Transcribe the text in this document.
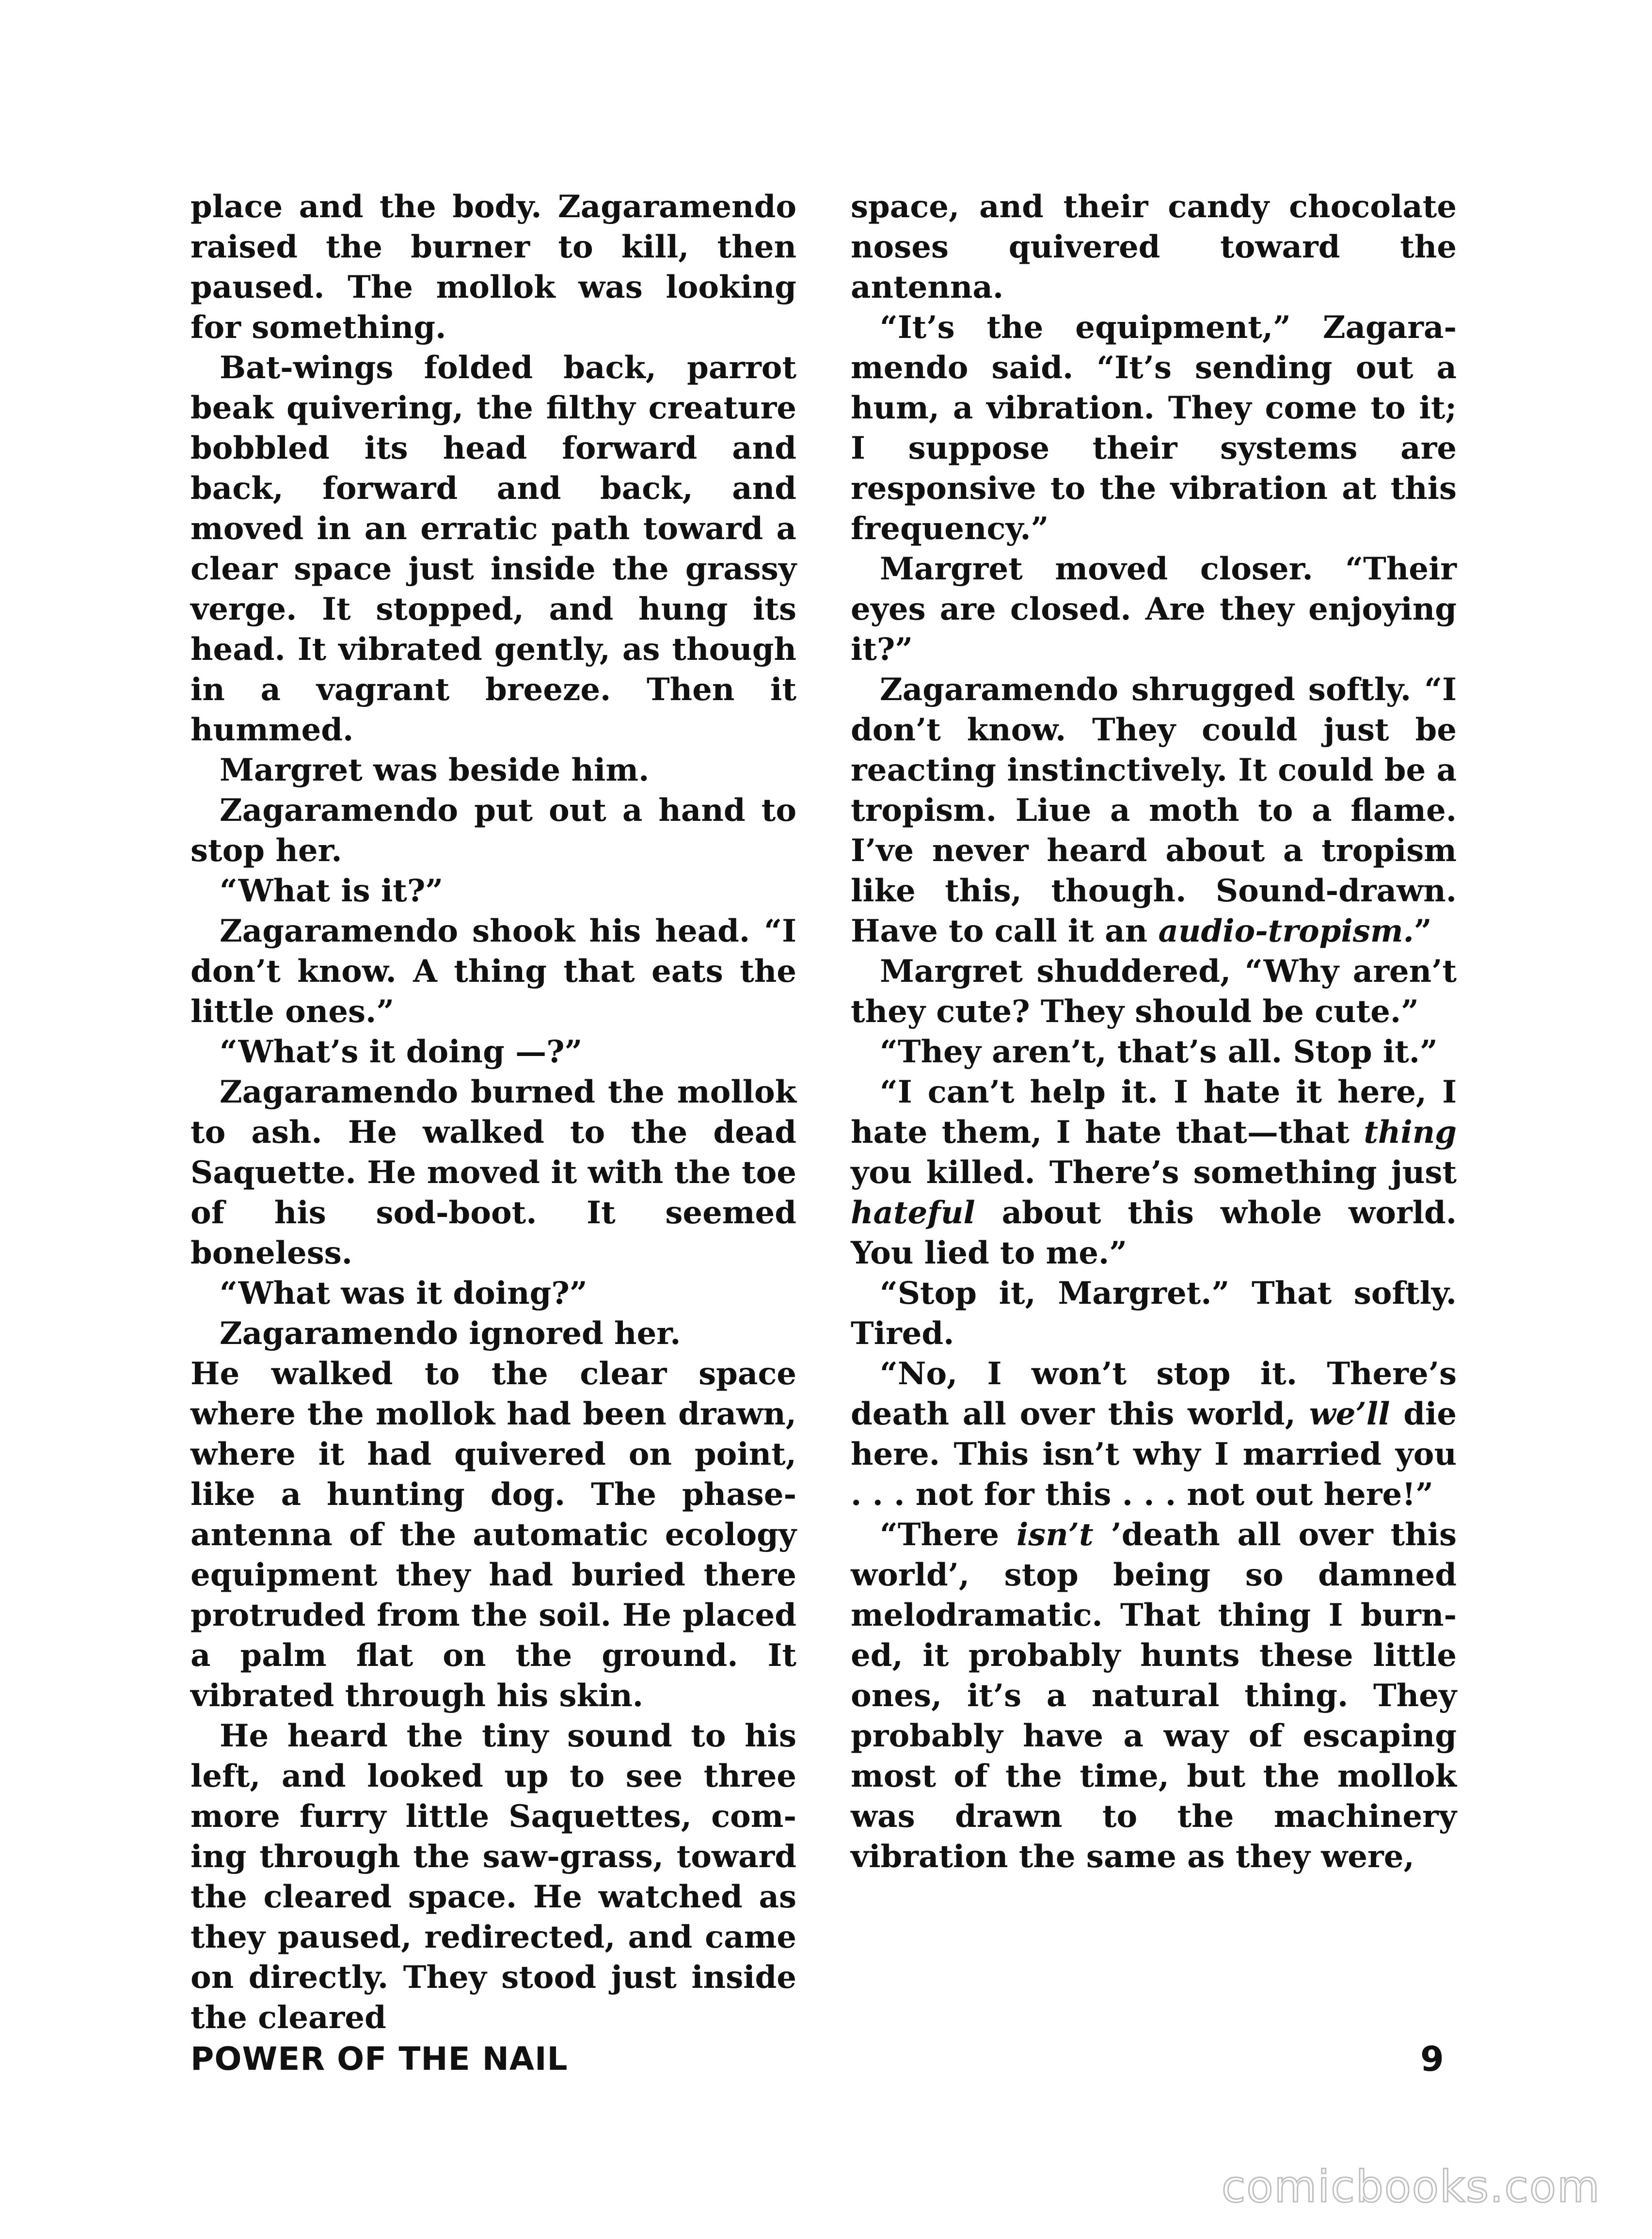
place and the body. Zagaramendo raised the burner to kill, then paused. The mollok was looking for something.

Bat-wings folded back, parrot beak quivering, the filthy creature bobbled its head forward and back, forward and back, and moved in an erratic path toward a clear space just inside the grassy verge. It stopped, and hung its head. It vibrated gently, as though in a vagrant breeze. Then it hummed.

Margret was beside him.

Zagaramendo put out a hand to stop her.

“What is it?”

Zagaramendo shook his head. “I don’t know. A thing that eats the little ones.”

“What’s it doing —?”

Zagaramendo burned the mollok to ash. He walked to the dead Saquette. He moved it with the toe of his sod-boot. It seemed boneless.

“What was it doing?”

Zagaramendo ignored her.

He walked to the clear space where the mollok had been drawn, where it had quivered on point, like a hunting dog. The phase-antenna of the automatic ecology equipment they had buried there protruded from the soil. He placed a palm flat on the ground. It vibrated through his skin.

He heard the tiny sound to his left, and looked up to see three more furry little Saquettes, coming through the saw-grass, toward the cleared space. He watched as they paused, redirected, and came on directly. They stood just inside the cleared

space, and their candy chocolate noses quivered toward the antenna.

“It’s the equipment,” Zagaramendo said. “It’s sending out a hum, a vibration. They come to it; I suppose their systems are responsive to the vibration at this frequency.”

Margret moved closer. “Their eyes are closed. Are they enjoying it?”

Zagaramendo shrugged softly. “I don’t know. They could just be reacting instinctively. It could be a tropism. Liue a moth to a flame. I’ve never heard about a tropism like this, though. Sound-drawn. Have to call it an audio-tropism.”

Margret shuddered, “Why aren’t they cute? They should be cute.”

“They aren’t, that’s all. Stop it.”

“I can’t help it. I hate it here, I hate them, I hate that—that thing you killed. There’s something just hateful about this whole world. You lied to me.”

“Stop it, Margret.” That softly. Tired.

“No, I won’t stop it. There’s death all over this world, we’ll die here. This isn’t why I married you . . . not for this . . . not out here!”

“There isn’t ’death all over this world’, stop being so damned melodramatic. That thing I burned, it probably hunts these little ones, it’s a natural thing. They probably have a way of escaping most of the time, but the mollok was drawn to the machinery vibration the same as they were,

POWER OF THE NAIL	9
comicbooks.com
